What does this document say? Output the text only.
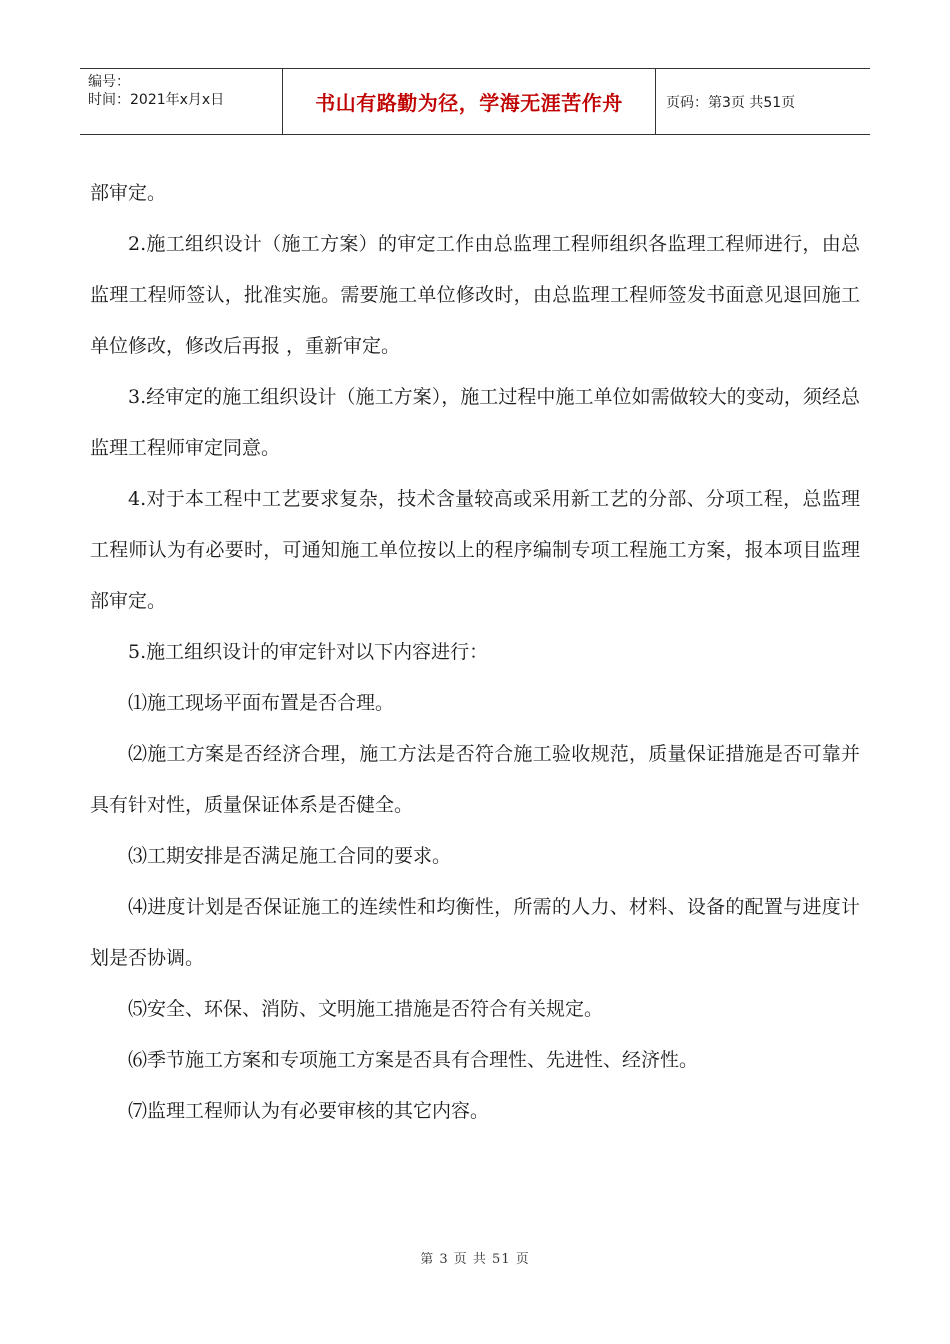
编号：
时间：2021年x月x日	书山有路勤为径，学海无涯苦作舟	页码：第3页 共51页

部审定。

2.施工组织设计（施工方案）的审定工作由总监理工程师组织各监理工程师进行，由总监理工程师签认，批准实施。需要施工单位修改时，由总监理工程师签发书面意见退回施工单位修改，修改后再报 ，重新审定。

3.经审定的施工组织设计（施工方案），施工过程中施工单位如需做较大的变动，须经总监理工程师审定同意。

4.对于本工程中工艺要求复杂，技术含量较高或采用新工艺的分部、分项工程，总监理工程师认为有必要时，可通知施工单位按以上的程序编制专项工程施工方案，报本项目监理部审定。

5.施工组织设计的审定针对以下内容进行：

⑴施工现场平面布置是否合理。

⑵施工方案是否经济合理，施工方法是否符合施工验收规范，质量保证措施是否可靠并具有针对性，质量保证体系是否健全。

⑶工期安排是否满足施工合同的要求。

⑷进度计划是否保证施工的连续性和均衡性，所需的人力、材料、设备的配置与进度计划是否协调。

⑸安全、环保、消防、文明施工措施是否符合有关规定。

⑹季节施工方案和专项施工方案是否具有合理性、先进性、经济性。

⑺监理工程师认为有必要审核的其它内容。

第 3 页 共 51 页
